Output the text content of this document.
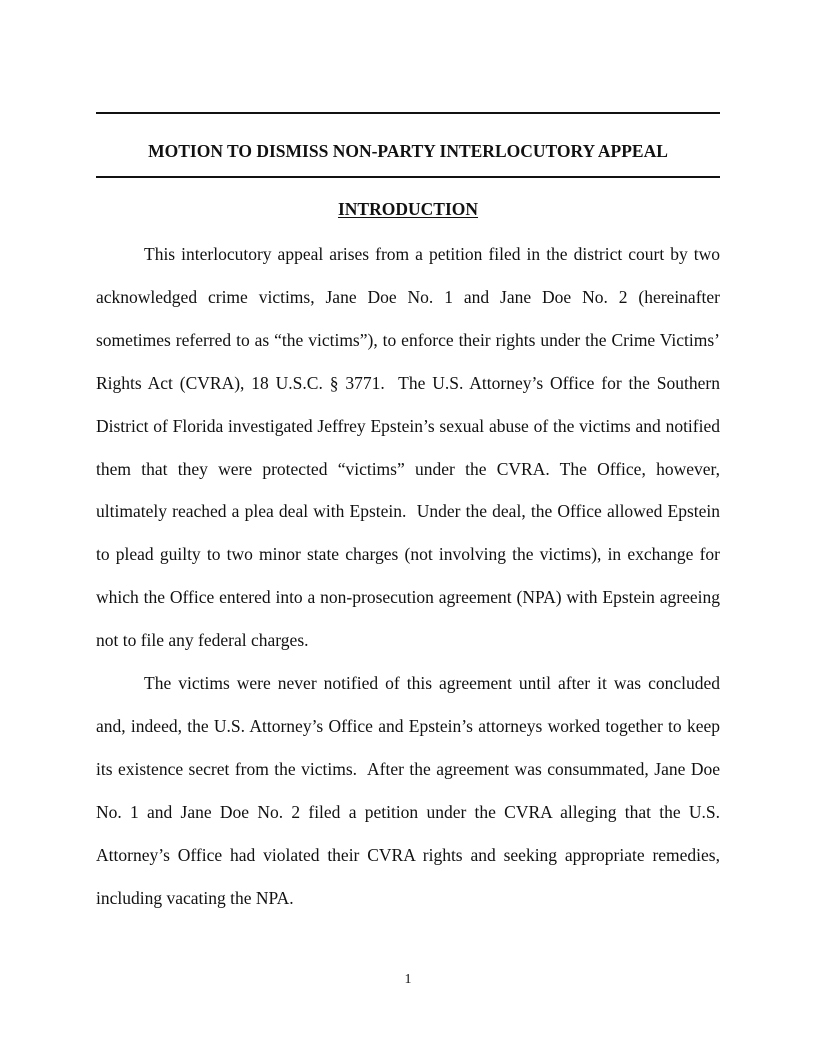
MOTION TO DISMISS NON-PARTY INTERLOCUTORY APPEAL
INTRODUCTION

This interlocutory appeal arises from a petition filed in the district court by two acknowledged crime victims, Jane Doe No. 1 and Jane Doe No. 2 (hereinafter sometimes referred to as “the victims”), to enforce their rights under the Crime Victims’ Rights Act (CVRA), 18 U.S.C. § 3771.  The U.S. Attorney’s Office for the Southern District of Florida investigated Jeffrey Epstein’s sexual abuse of the victims and notified them that they were protected “victims” under the CVRA. The Office, however, ultimately reached a plea deal with Epstein.  Under the deal, the Office allowed Epstein to plead guilty to two minor state charges (not involving the victims), in exchange for which the Office entered into a non-prosecution agreement (NPA) with Epstein agreeing not to file any federal charges.

The victims were never notified of this agreement until after it was concluded and, indeed, the U.S. Attorney’s Office and Epstein’s attorneys worked together to keep its existence secret from the victims.  After the agreement was consummated, Jane Doe No. 1 and Jane Doe No. 2 filed a petition under the CVRA alleging that the U.S. Attorney’s Office had violated their CVRA rights and seeking appropriate remedies, including vacating the NPA.

1
